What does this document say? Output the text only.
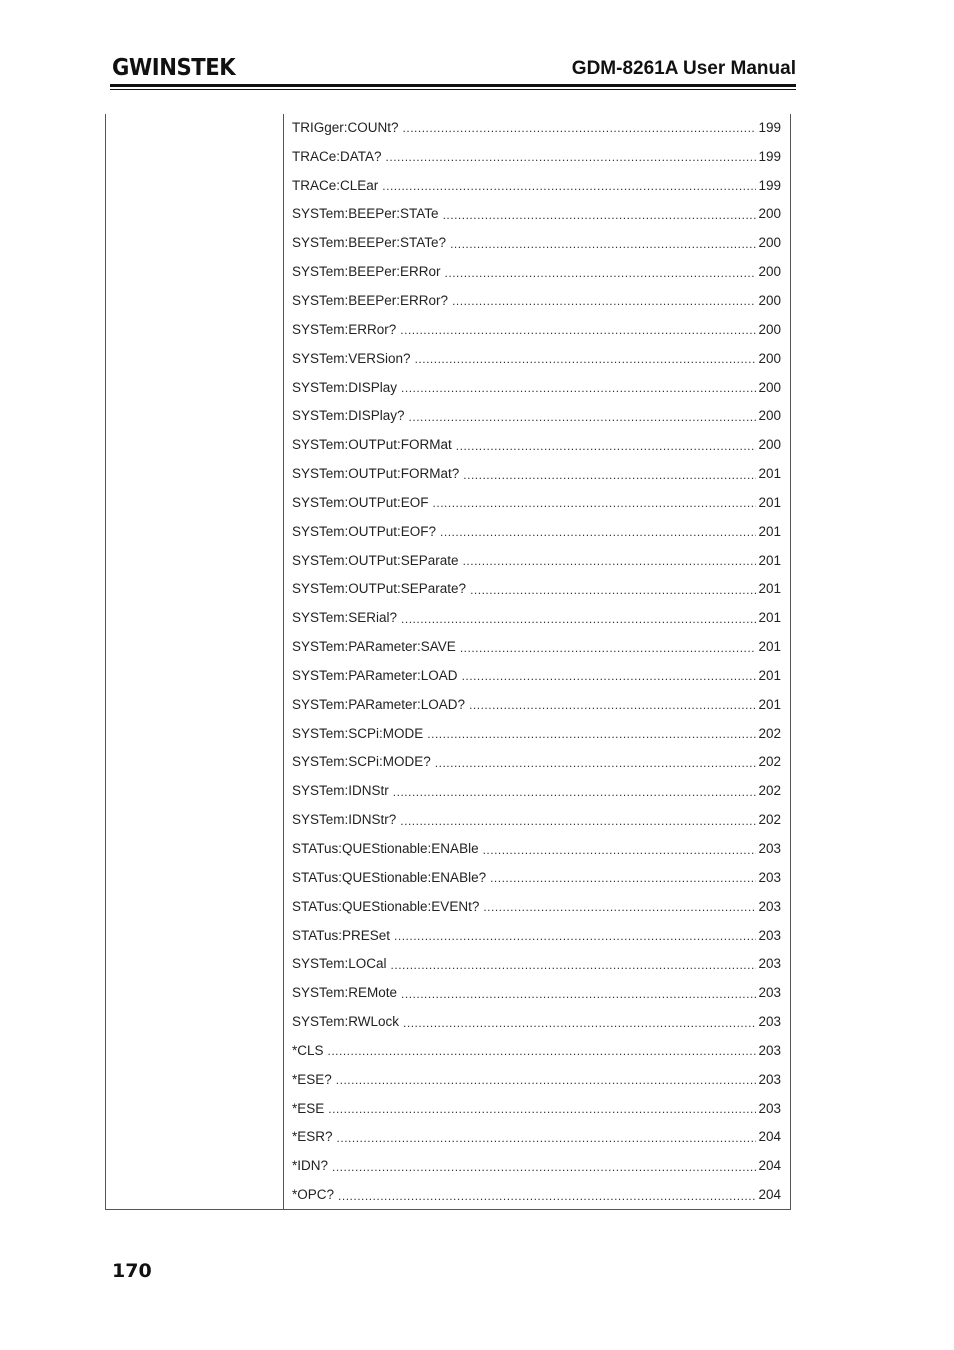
GWINSTEK	GDM-8261A User Manual
TRIGger:COUNt? .....	199
TRACe:DATA? .....	199
TRACe:CLEar .....	199
SYSTem:BEEPer:STATe .....	200
SYSTem:BEEPer:STATe? .....	200
SYSTem:BEEPer:ERRor .....	200
SYSTem:BEEPer:ERRor? .....	200
SYSTem:ERRor? .....	200
SYSTem:VERSion? .....	200
SYSTem:DISPlay .....	200
SYSTem:DISPlay? .....	200
SYSTem:OUTPut:FORMat .....	200
SYSTem:OUTPut:FORMat? .....	201
SYSTem:OUTPut:EOF .....	201
SYSTem:OUTPut:EOF? .....	201
SYSTem:OUTPut:SEParate .....	201
SYSTem:OUTPut:SEParate? .....	201
SYSTem:SERial? .....	201
SYSTem:PARameter:SAVE .....	201
SYSTem:PARameter:LOAD .....	201
SYSTem:PARameter:LOAD? .....	201
SYSTem:SCPi:MODE .....	202
SYSTem:SCPi:MODE? .....	202
SYSTem:IDNStr .....	202
SYSTem:IDNStr? .....	202
STATus:QUEStionable:ENABle .....	203
STATus:QUEStionable:ENABle? .....	203
STATus:QUEStionable:EVENt? .....	203
STATus:PRESet .....	203
SYSTem:LOCal .....	203
SYSTem:REMote .....	203
SYSTem:RWLock .....	203
*CLS .....	203
*ESE? .....	203
*ESE .....	203
*ESR? .....	204
*IDN? .....	204
*OPC? .....	204
170
